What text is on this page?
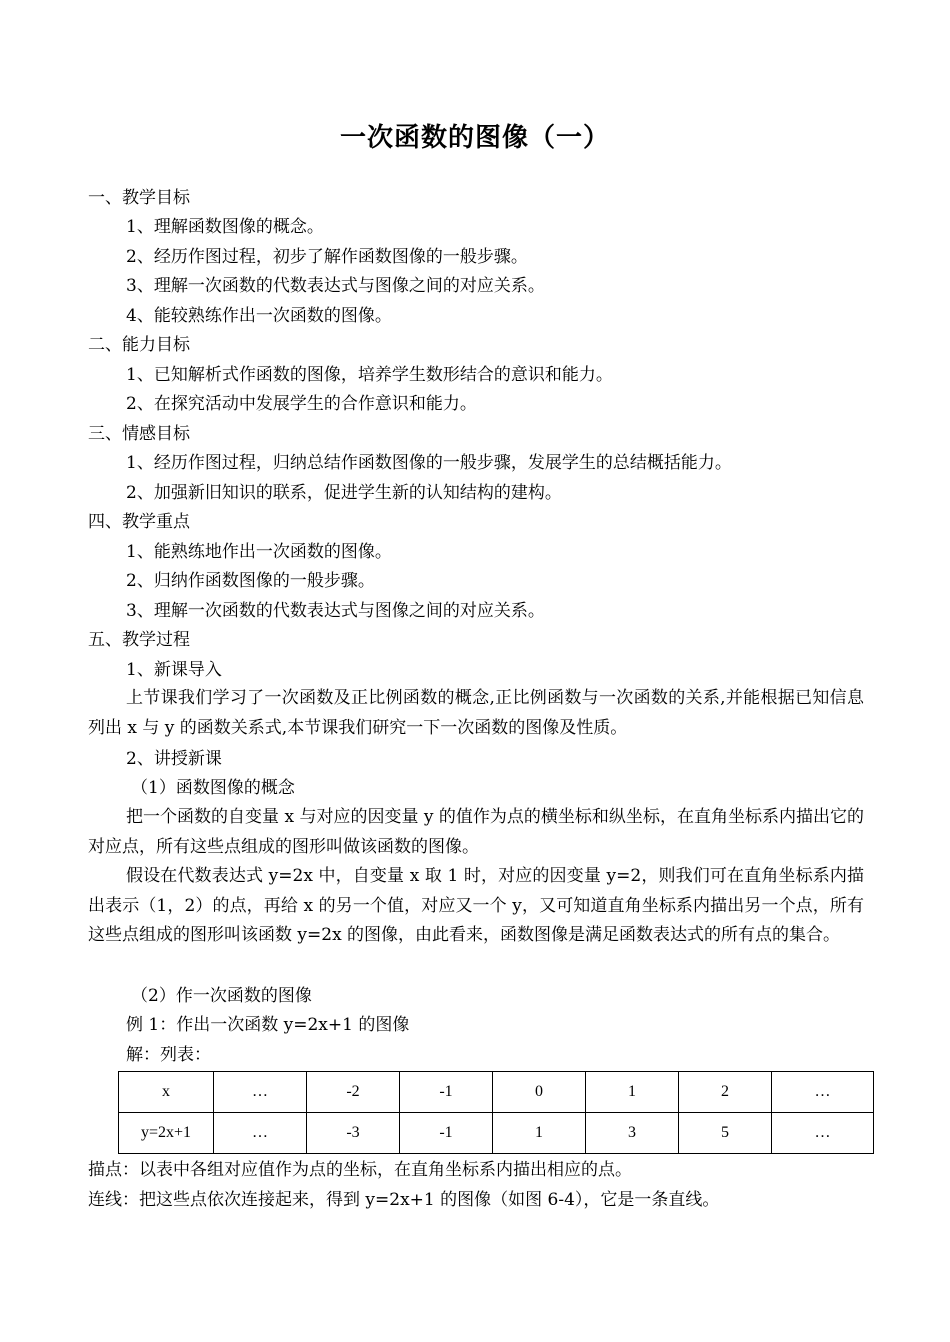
一次函数的图像（一）
一、教学目标
1、理解函数图像的概念。
2、经历作图过程，初步了解作函数图像的一般步骤。
3、理解一次函数的代数表达式与图像之间的对应关系。
4、能较熟练作出一次函数的图像。
二、能力目标
1、已知解析式作函数的图像，培养学生数形结合的意识和能力。
2、在探究活动中发展学生的合作意识和能力。
三、情感目标
1、经历作图过程，归纳总结作函数图像的一般步骤，发展学生的总结概括能力。
2、加强新旧知识的联系，促进学生新的认知结构的建构。
四、教学重点
1、能熟练地作出一次函数的图像。
2、归纳作函数图像的一般步骤。
3、理解一次函数的代数表达式与图像之间的对应关系。
五、教学过程
1、新课导入
上节课我们学习了一次函数及正比例函数的概念,正比例函数与一次函数的关系,并能根据已知信息列出 x 与 y 的函数关系式,本节课我们研究一下一次函数的图像及性质。
2、讲授新课
（1）函数图像的概念
把一个函数的自变量 x 与对应的因变量 y 的值作为点的横坐标和纵坐标，在直角坐标系内描出它的对应点，所有这些点组成的图形叫做该函数的图像。
假设在代数表达式 y=2x 中，自变量 x 取 1 时，对应的因变量 y=2，则我们可在直角坐标系内描出表示（1，2）的点，再给 x 的另一个值，对应又一个 y，又可知道直角坐标系内描出另一个点，所有这些点组成的图形叫该函数 y=2x 的图像，由此看来，函数图像是满足函数表达式的所有点的集合。
（2）作一次函数的图像
例 1：作出一次函数 y=2x+1 的图像
解：列表：
x	…	-2	-1	0	1	2	…
y=2x+1	…	-3	-1	1	3	5	…
描点：以表中各组对应值作为点的坐标，在直角坐标系内描出相应的点。
连线：把这些点依次连接起来，得到 y=2x+1 的图像（如图 6-4），它是一条直线。
